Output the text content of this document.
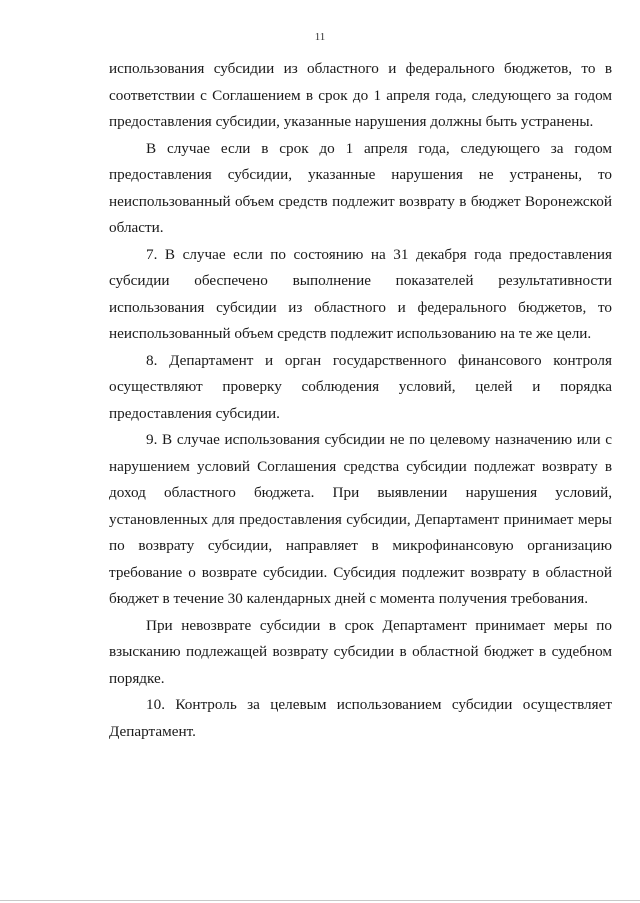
11

использования субсидии из областного и федерального бюджетов, то в соответствии с Соглашением в срок до 1 апреля года, следующего за годом предоставления субсидии, указанные нарушения должны быть устранены.

В случае если в срок до 1 апреля года, следующего за годом предоставления субсидии, указанные нарушения не устранены, то неиспользованный объем средств подлежит возврату в бюджет Воронежской области.

7. В случае если по состоянию на 31 декабря года предоставления субсидии обеспечено выполнение показателей результативности использования субсидии из областного и федерального бюджетов, то неиспользованный объем средств подлежит использованию на те же цели.

8. Департамент и орган государственного финансового контроля осуществляют проверку соблюдения условий, целей и порядка предоставления субсидии.

9. В случае использования субсидии не по целевому назначению или с нарушением условий Соглашения средства субсидии подлежат возврату в доход областного бюджета. При выявлении нарушения условий, установленных для предоставления субсидии, Департамент принимает меры по возврату субсидии, направляет в микрофинансовую организацию требование о возврате субсидии. Субсидия подлежит возврату в областной бюджет в течение 30 календарных дней с момента получения требования.

При невозврате субсидии в срок Департамент принимает меры по взысканию подлежащей возврату субсидии в областной бюджет в судебном порядке.

10. Контроль за целевым использованием субсидии осуществляет Департамент.
